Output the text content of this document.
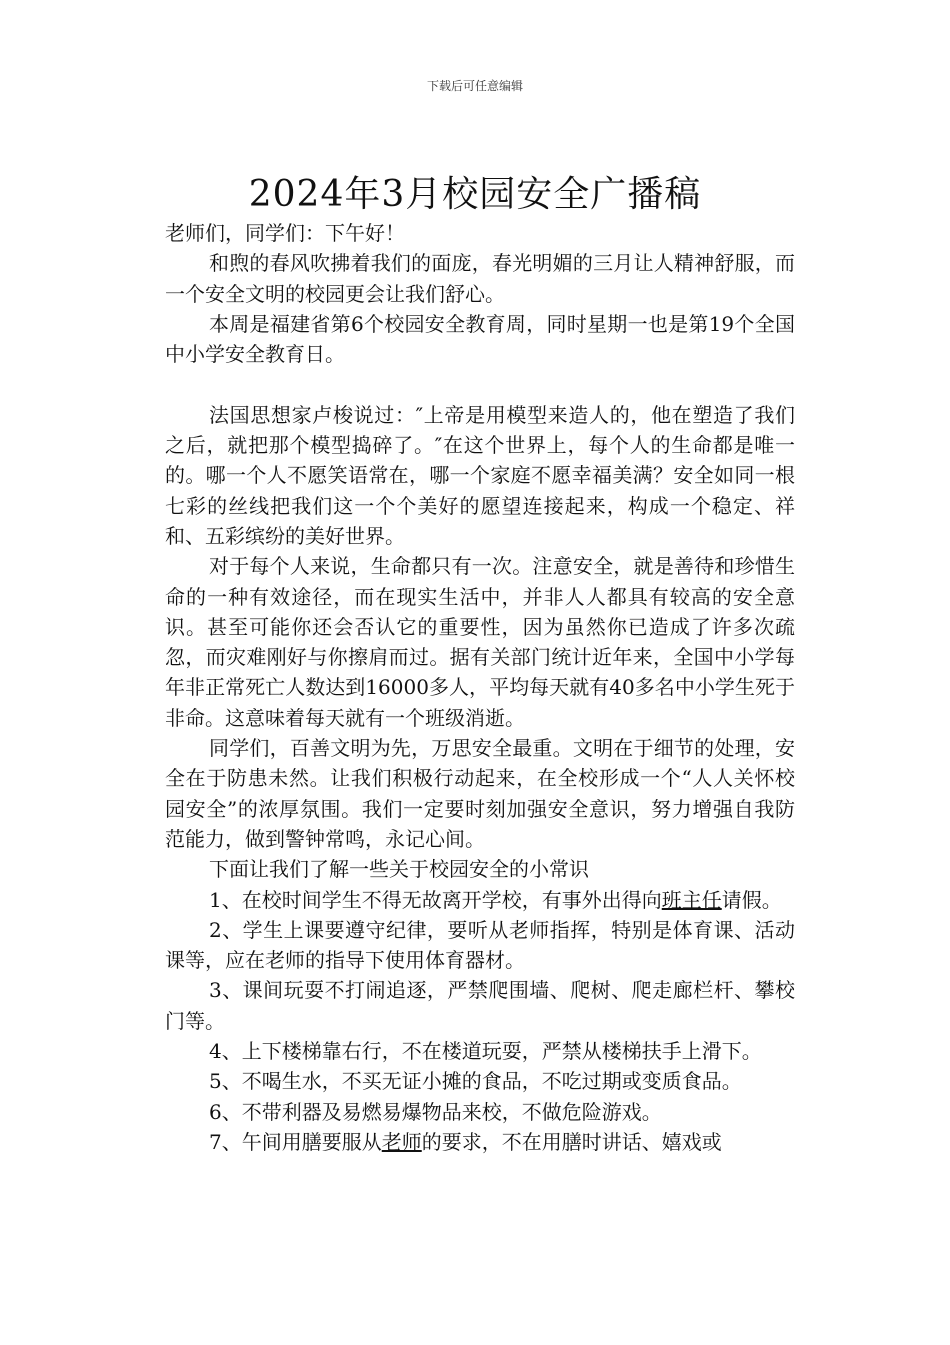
下载后可任意编辑
2024年3月校园安全广播稿

老师们，同学们：下午好！

和煦的春风吹拂着我们的面庞，春光明媚的三月让人精神舒服，而一个安全文明的校园更会让我们舒心。

本周是福建省第6个校园安全教育周，同时星期一也是第19个全国中小学安全教育日。

法国思想家卢梭说过：″上帝是用模型来造人的，他在塑造了我们之后，就把那个模型捣碎了。″在这个世界上，每个人的生命都是唯一的。哪一个人不愿笑语常在，哪一个家庭不愿幸福美满？安全如同一根七彩的丝线把我们这一个个美好的愿望连接起来，构成一个稳定、祥和、五彩缤纷的美好世界。

对于每个人来说，生命都只有一次。注意安全，就是善待和珍惜生命的一种有效途径，而在现实生活中，并非人人都具有较高的安全意识。甚至可能你还会否认它的重要性，因为虽然你已造成了许多次疏忽，而灾难刚好与你擦肩而过。据有关部门统计近年来，全国中小学每年非正常死亡人数达到16000多人，平均每天就有40多名中小学生死于非命。这意味着每天就有一个班级消逝。

同学们，百善文明为先，万思安全最重。文明在于细节的处理，安全在于防患未然。让我们积极行动起来，在全校形成一个“人人关怀校园安全”的浓厚氛围。我们一定要时刻加强安全意识，努力增强自我防范能力，做到警钟常鸣，永记心间。

下面让我们了解一些关于校园安全的小常识

1、在校时间学生不得无故离开学校，有事外出得向班主任请假。

2、学生上课要遵守纪律，要听从老师指挥，特别是体育课、活动课等，应在老师的指导下使用体育器材。

3、课间玩耍不打闹追逐，严禁爬围墙、爬树、爬走廊栏杆、攀校门等。

4、上下楼梯靠右行，不在楼道玩耍，严禁从楼梯扶手上滑下。

5、不喝生水，不买无证小摊的食品，不吃过期或变质食品。

6、不带利器及易燃易爆物品来校，不做危险游戏。

7、午间用膳要服从老师的要求，不在用膳时讲话、嬉戏或
